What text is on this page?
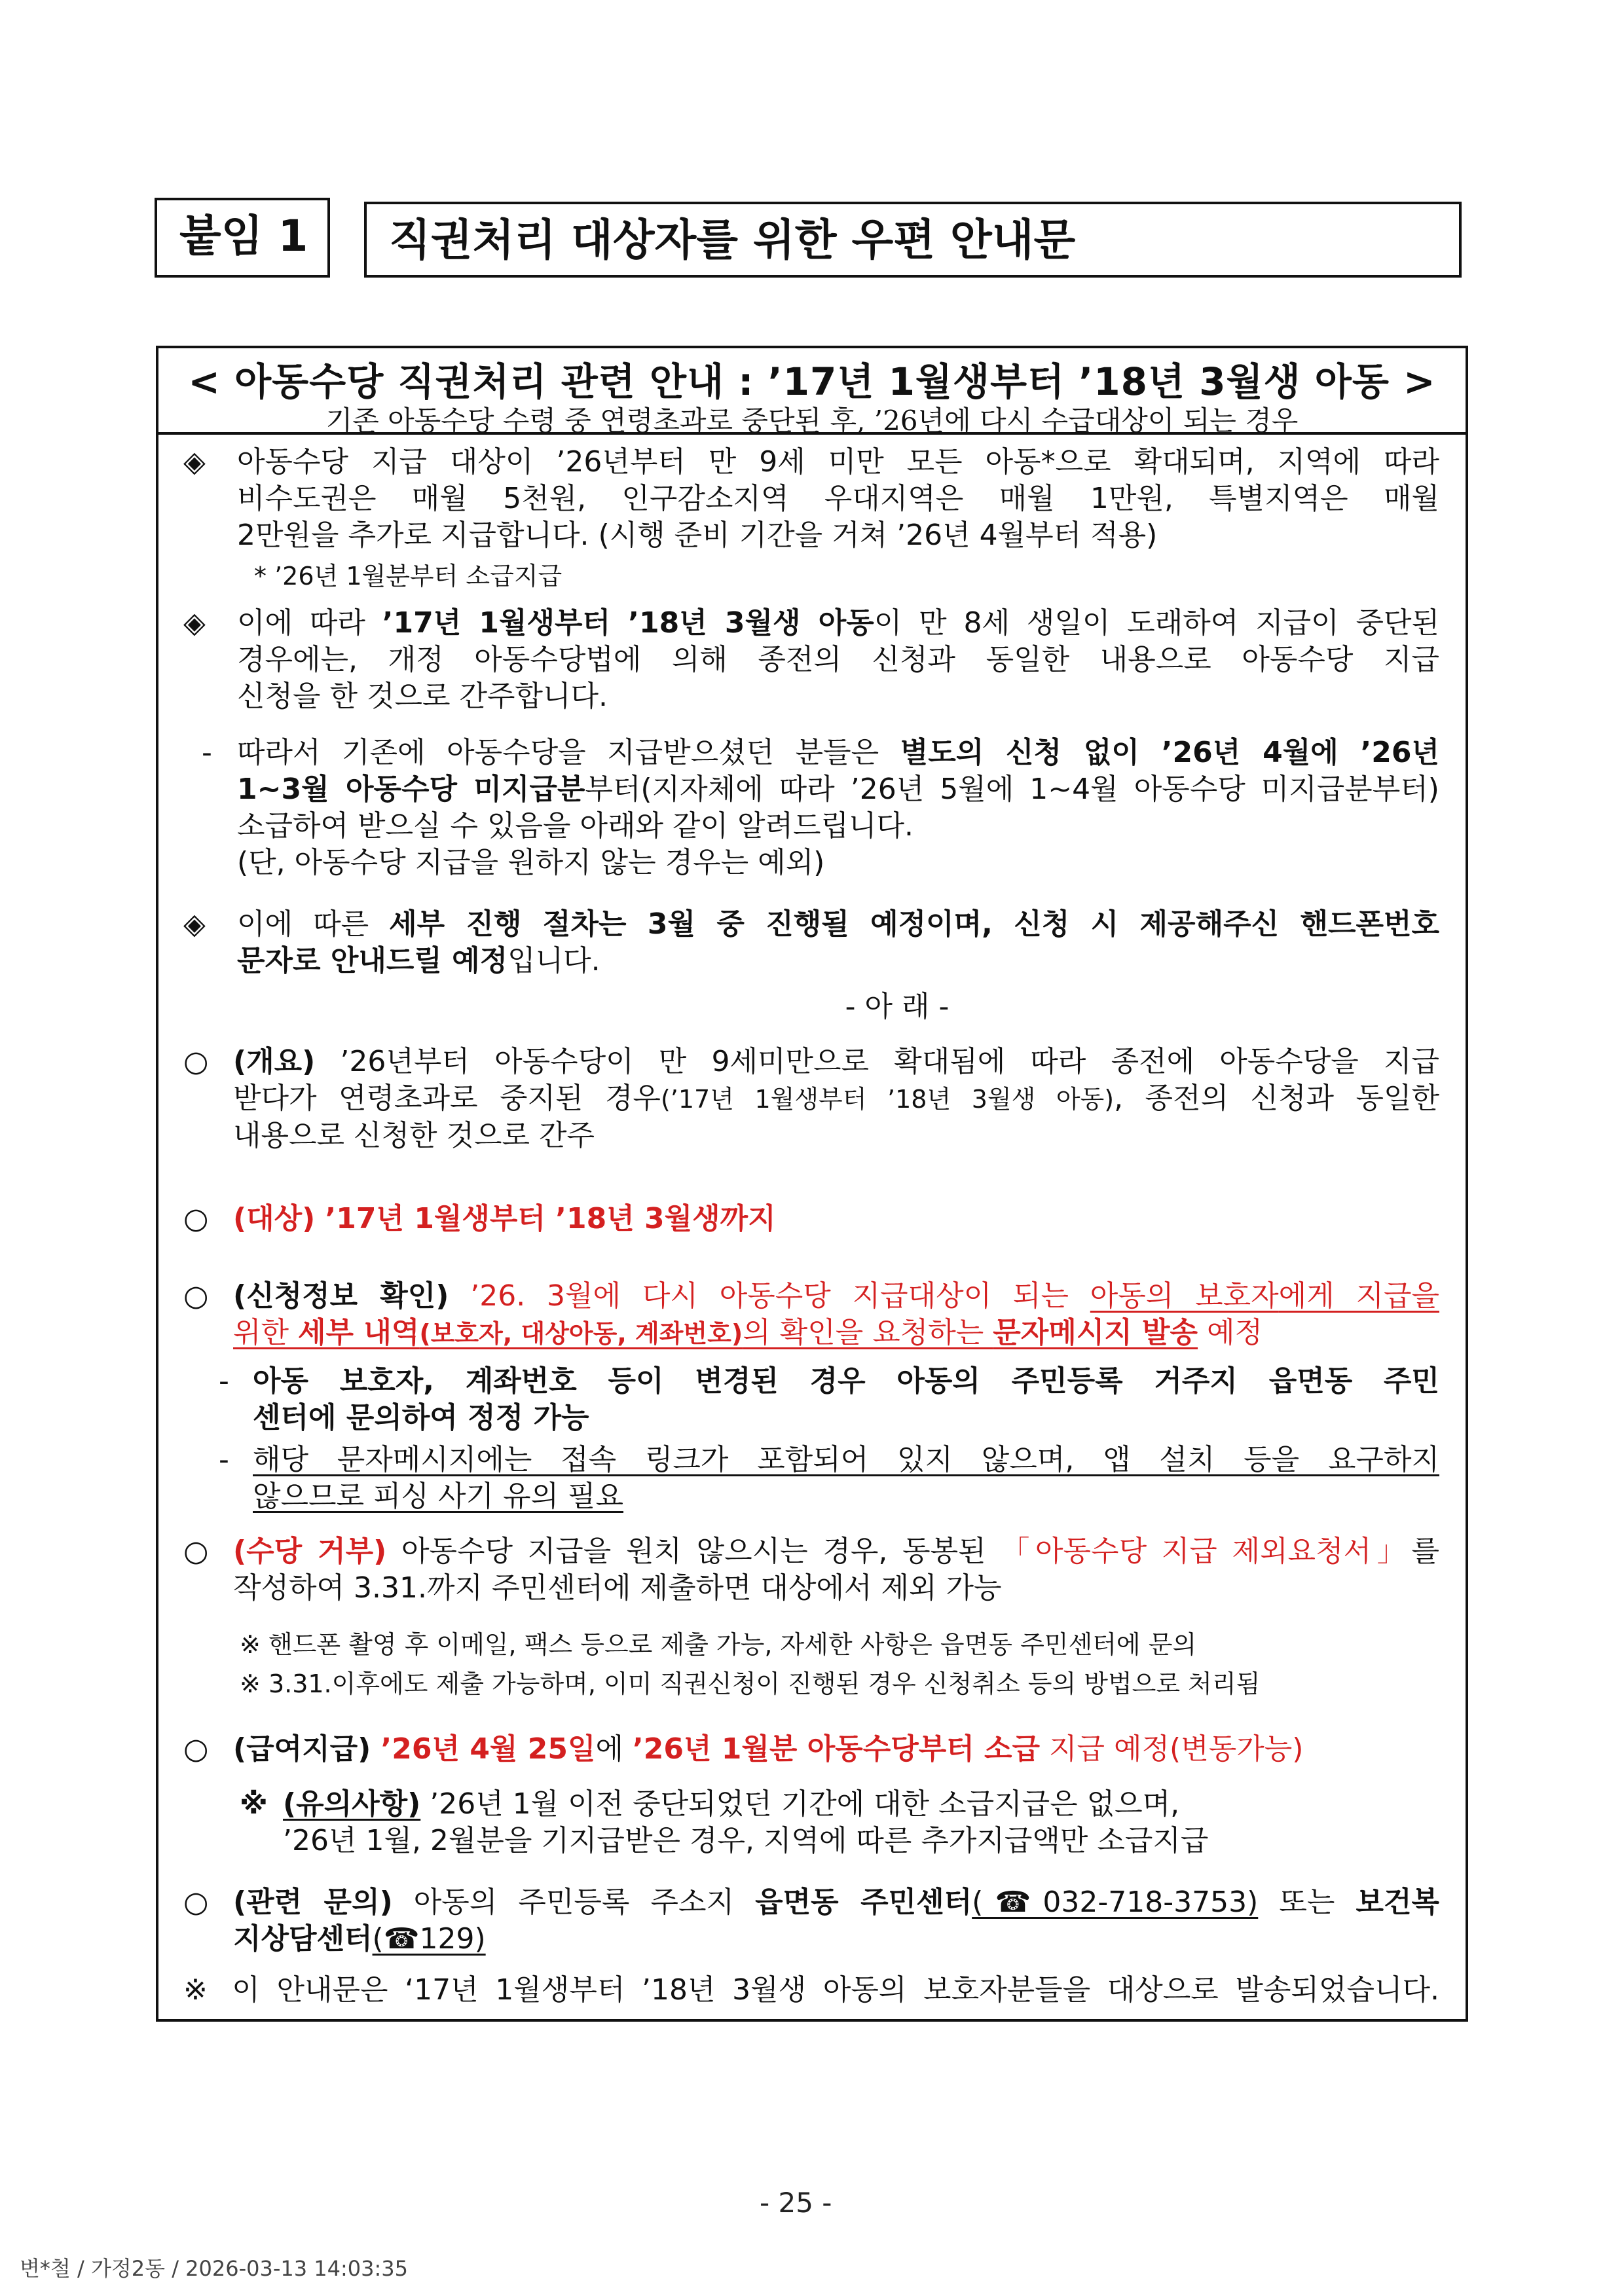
붙임 1 직권처리 대상자를 위한 우편 안내문
< 아동수당 직권처리 관련 안내 : ’17년 1월생부터 ’18년 3월생 아동 >
기존 아동수당 수령 중 연령초과로 중단된 후, ’26년에 다시 수급대상이 되는 경우
◈ 아동수당 지급 대상이 ’26년부터 만 9세 미만 모든 아동*으로 확대되며, 지역에 따라
비수도권은 매월 5천원, 인구감소지역 우대지역은 매월 1만원, 특별지역은 매월
2만원을 추가로 지급합니다. (시행 준비 기간을 거쳐 ’26년 4월부터 적용)
* ’26년 1월분부터 소급지급
◈ 이에 따라 ’17년 1월생부터 ’18년 3월생 아동이 만 8세 생일이 도래하여 지급이 중단된
경우에는, 개정 아동수당법에 의해 종전의 신청과 동일한 내용으로 아동수당 지급
신청을 한 것으로 간주합니다.
- 따라서 기존에 아동수당을 지급받으셨던 분들은 별도의 신청 없이 ’26년 4월에 ’26년
1~3월 아동수당 미지급분부터(지자체에 따라 ’26년 5월에 1~4월 아동수당 미지급분부터)
소급하여 받으실 수 있음을 아래와 같이 알려드립니다.
(단, 아동수당 지급을 원하지 않는 경우는 예외)
◈ 이에 따른 세부 진행 절차는 3월 중 진행될 예정이며, 신청 시 제공해주신 핸드폰번호
문자로 안내드릴 예정입니다.
- 아 래 -
○ (개요) ’26년부터 아동수당이 만 9세미만으로 확대됨에 따라 종전에 아동수당을 지급
받다가 연령초과로 중지된 경우(’17년 1월생부터 ’18년 3월생 아동), 종전의 신청과 동일한
내용으로 신청한 것으로 간주
○ (대상) ’17년 1월생부터 ’18년 3월생까지
○ (신청정보 확인) ’26. 3월에 다시 아동수당 지급대상이 되는 아동의 보호자에게 지급을
위한 세부 내역(보호자, 대상아동, 계좌번호)의 확인을 요청하는 문자메시지 발송 예정
- 아동 보호자, 계좌번호 등이 변경된 경우 아동의 주민등록 거주지 읍면동 주민
센터에 문의하여 정정 가능
- 해당 문자메시지에는 접속 링크가 포함되어 있지 않으며, 앱 설치 등을 요구하지
않으므로 피싱 사기 유의 필요
○ (수당 거부) 아동수당 지급을 원치 않으시는 경우, 동봉된 「아동수당 지급 제외요청서」를
작성하여 3.31.까지 주민센터에 제출하면 대상에서 제외 가능
※ 핸드폰 촬영 후 이메일, 팩스 등으로 제출 가능, 자세한 사항은 읍면동 주민센터에 문의
※ 3.31.이후에도 제출 가능하며, 이미 직권신청이 진행된 경우 신청취소 등의 방법으로 처리됨
○ (급여지급) ’26년 4월 25일에 ’26년 1월분 아동수당부터 소급 지급 예정(변동가능)
※ (유의사항) ’26년 1월 이전 중단되었던 기간에 대한 소급지급은 없으며,
’26년 1월, 2월분을 기지급받은 경우, 지역에 따른 추가지급액만 소급지급
○ (관련 문의) 아동의 주민등록 주소지 읍면동 주민센터(☎032-718-3753) 또는 보건복
지상담센터(☎129)
※ 이 안내문은 ‘17년 1월생부터 ’18년 3월생 아동의 보호자분들을 대상으로 발송되었습니다.
- 25 -
변*철 / 가정2동 / 2026-03-13 14:03:35
